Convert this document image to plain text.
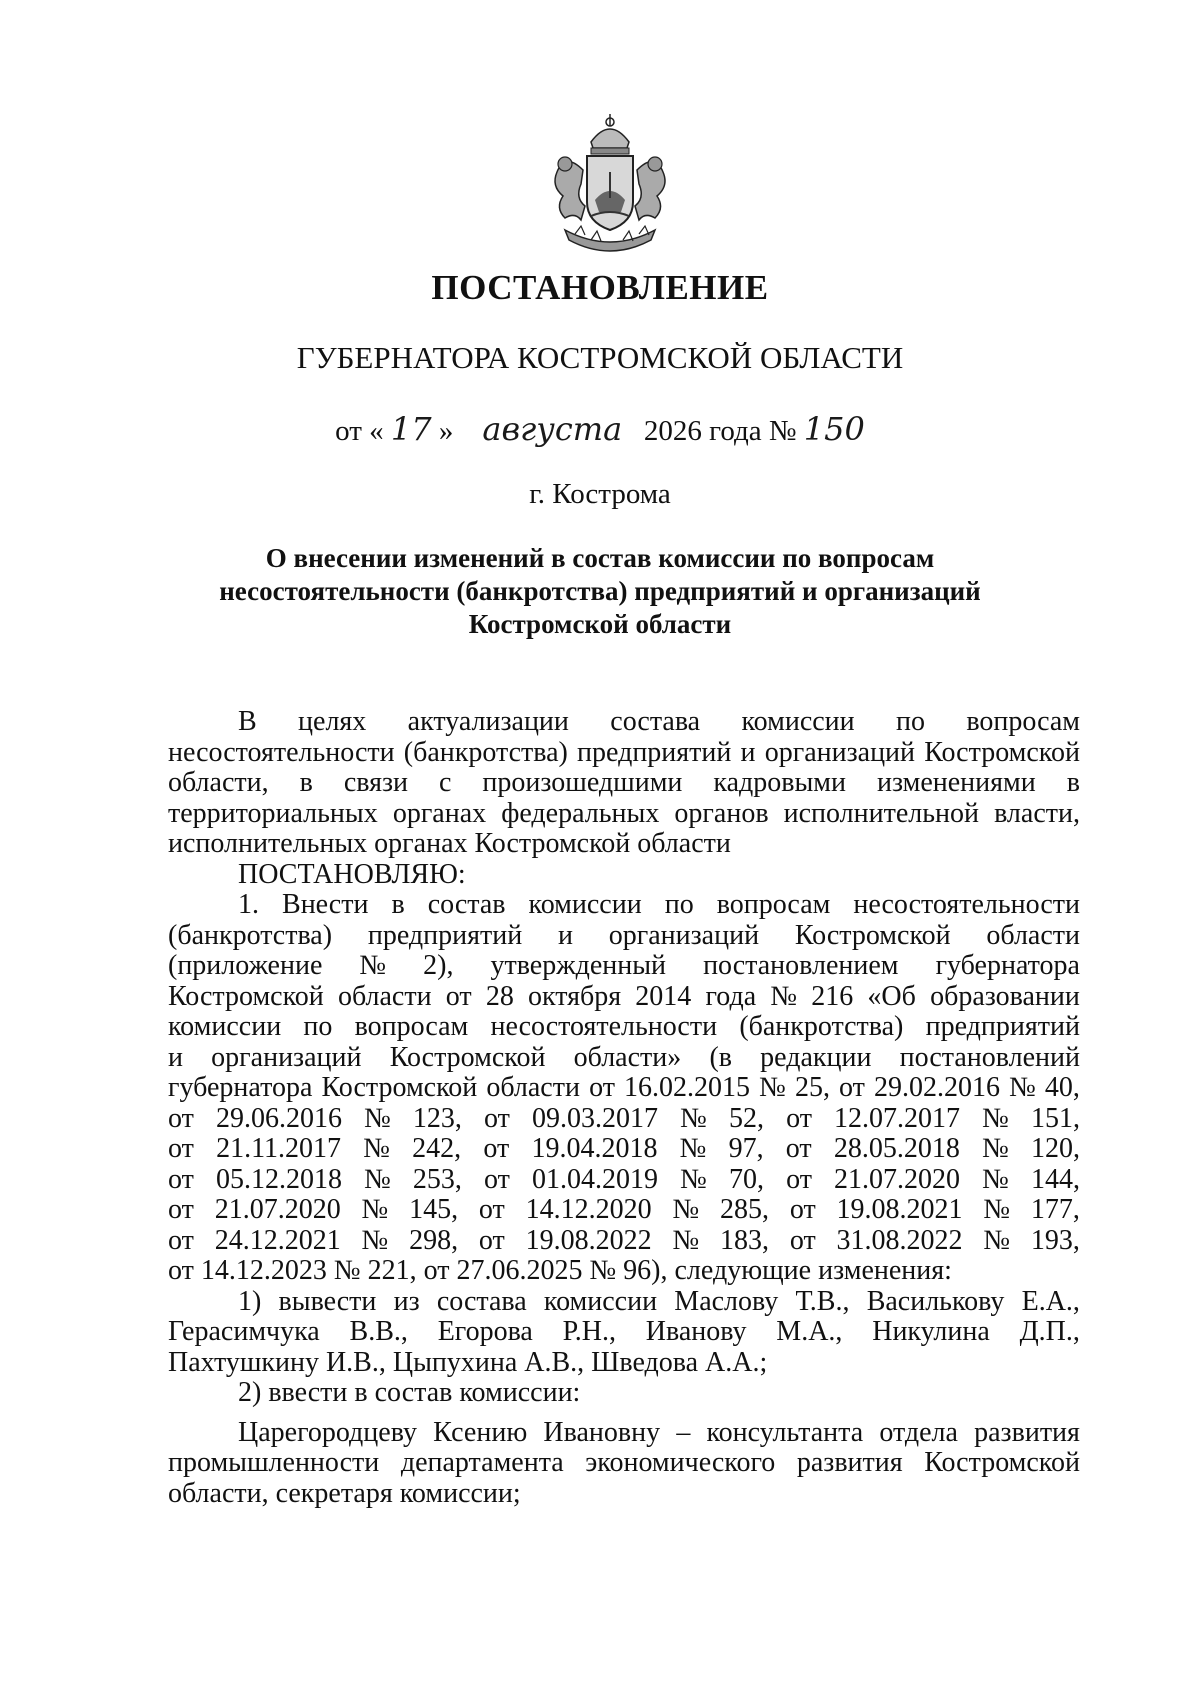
ПОСТАНОВЛЕНИЕ
ГУБЕРНАТОРА КОСТРОМСКОЙ ОБЛАСТИ
от « 17 » августа 2026 года № 150
г. Кострома
О внесении изменений в состав комиссии по вопросам
несостоятельности (банкротства) предприятий и организаций
Костромской области
В целях актуализации состава комиссии по вопросам
несостоятельности (банкротства) предприятий и организаций Костромской
области, в связи с произошедшими кадровыми изменениями в
территориальных органах федеральных органов исполнительной власти,
исполнительных органах Костромской области
ПОСТАНОВЛЯЮ:
1. Внести в состав комиссии по вопросам несостоятельности
(банкротства) предприятий и организаций Костромской области
(приложение № 2), утвержденный постановлением губернатора
Костромской области от 28 октября 2014 года № 216 «Об образовании
комиссии по вопросам несостоятельности (банкротства) предприятий
и организаций Костромской области» (в редакции постановлений
губернатора Костромской области от 16.02.2015 № 25, от 29.02.2016 № 40,
от 29.06.2016 № 123, от 09.03.2017 № 52, от 12.07.2017 № 151,
от 21.11.2017 № 242, от 19.04.2018 № 97, от 28.05.2018 № 120,
от 05.12.2018 № 253, от 01.04.2019 № 70, от 21.07.2020 № 144,
от 21.07.2020 № 145, от 14.12.2020 № 285, от 19.08.2021 № 177,
от 24.12.2021 № 298, от 19.08.2022 № 183, от 31.08.2022 № 193,
от 14.12.2023 № 221, от 27.06.2025 № 96), следующие изменения:
1) вывести из состава комиссии Маслову Т.В., Василькову Е.А.,
Герасимчука В.В., Егорова Р.Н., Иванову М.А., Никулина Д.П.,
Пахтушкину И.В., Цыпухина А.В., Шведова А.А.;
2) ввести в состав комиссии:
Царегородцеву Ксению Ивановну – консультанта отдела развития
промышленности департамента экономического развития Костромской
области, секретаря комиссии;
